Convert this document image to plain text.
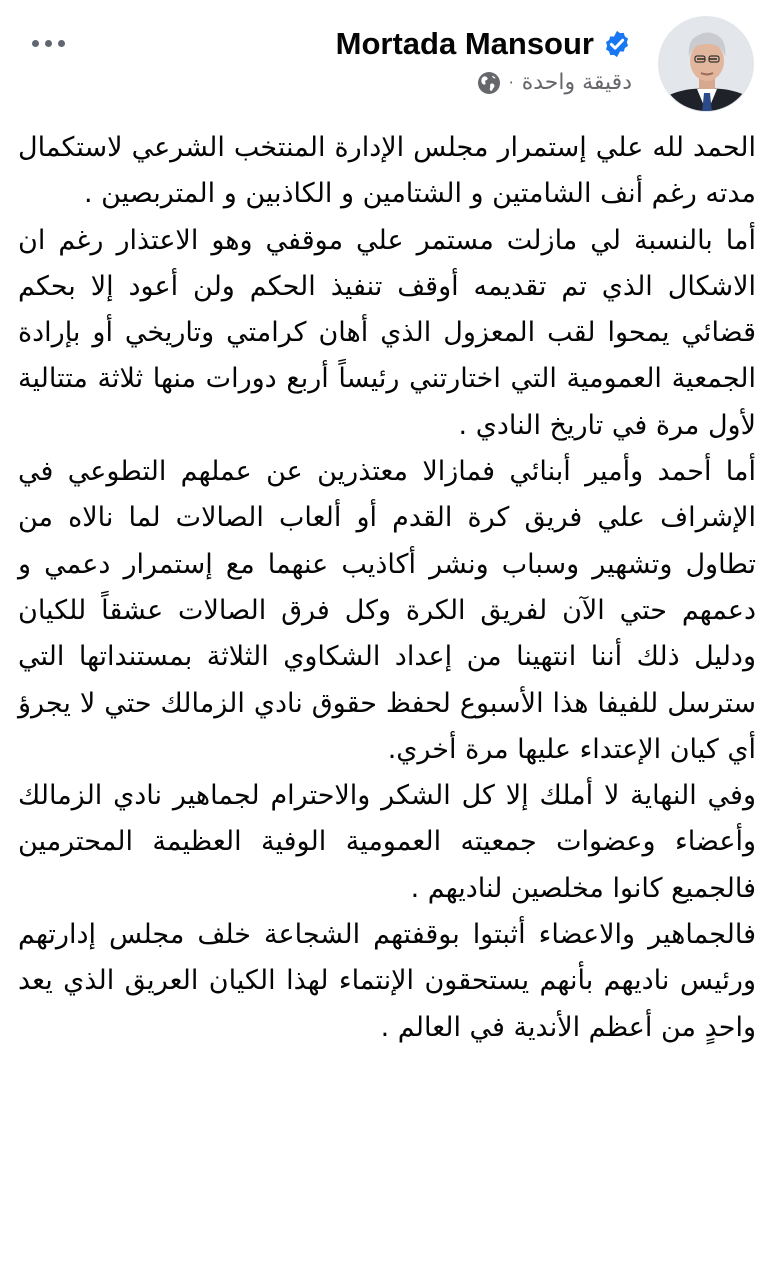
Mortada Mansour
دقيقة واحدة
·

الحمد لله علي إستمرار مجلس الإدارة المنتخب الشرعي لاستكمال مدته رغم أنف الشامتين و الشتامين و الكاذبين و المتربصين .

أما بالنسبة لي مازلت مستمر علي موقفي وهو الاعتذار رغم ان الاشكال الذي تم تقديمه أوقف تنفيذ الحكم ولن أعود إلا بحكم قضائي يمحوا لقب المعزول الذي أهان كرامتي وتاريخي أو بإرادة الجمعية العمومية التي اختارتني رئيساً أربع دورات منها ثلاثة متتالية لأول مرة في تاريخ النادي .

أما أحمد وأمير أبنائي فمازالا معتذرين عن عملهم التطوعي في الإشراف علي فريق كرة القدم أو ألعاب الصالات لما نالاه من تطاول وتشهير وسباب ونشر أكاذيب عنهما مع إستمرار دعمي و دعمهم حتي الآن لفريق الكرة وكل فرق الصالات عشقاً للكيان ودليل ذلك أننا انتهينا من إعداد الشكاوي الثلاثة بمستنداتها التي سترسل للفيفا هذا الأسبوع لحفظ حقوق نادي الزمالك حتي لا يجرؤ أي كيان الإعتداء عليها مرة أخري.

وفي النهاية لا أملك إلا كل الشكر والاحترام لجماهير نادي الزمالك وأعضاء وعضوات جمعيته العمومية الوفية العظيمة المحترمين فالجميع كانوا مخلصين لناديهم .

فالجماهير والاعضاء أثبتوا بوقفتهم الشجاعة خلف مجلس إدارتهم ورئيس ناديهم بأنهم يستحقون الإنتماء لهذا الكيان العريق الذي يعد واحدٍ من أعظم الأندية في العالم .
